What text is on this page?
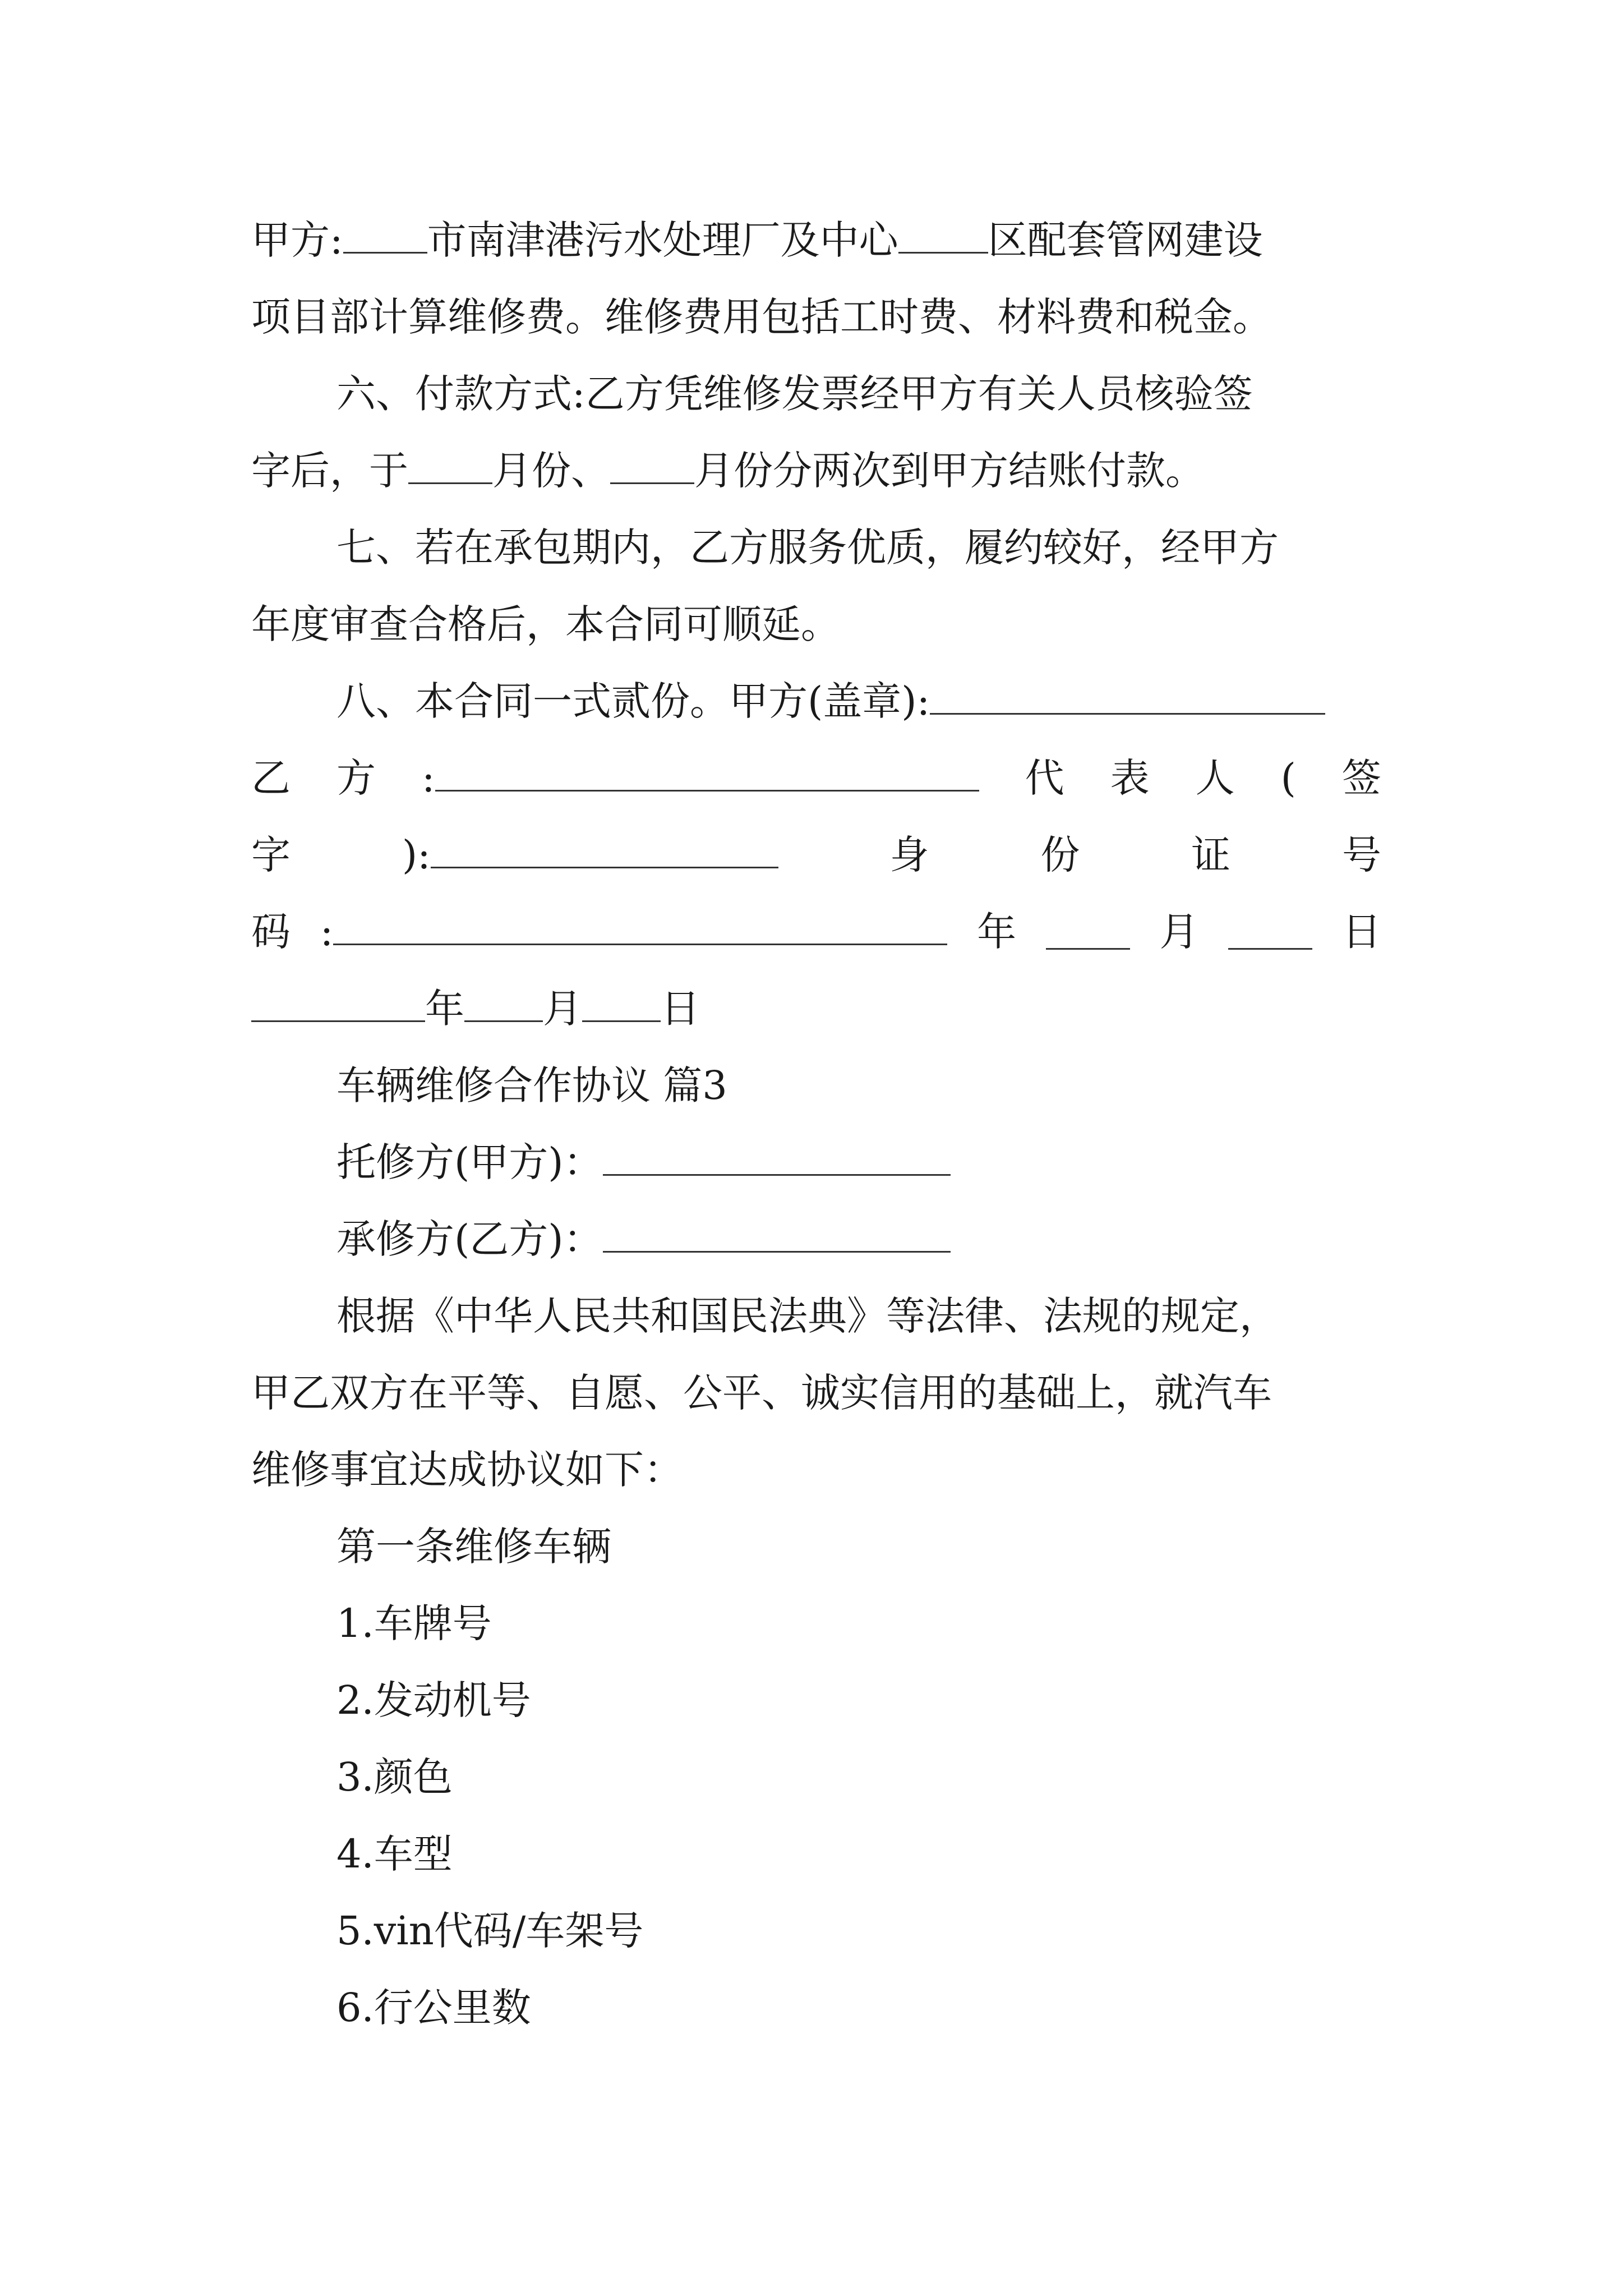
甲方: 市南津港污水处理厂及中心 区配套管网建设
项目部计算维修费。维修费用包括工时费、材料费和税金。
六、付款方式:乙方凭维修发票经甲方有关人员核验签
字后，于 月份、 月份分两次到甲方结账付款。
七、若在承包期内，乙方服务优质，履约较好，经甲方
年度审查合格后，本合同可顺延。
八、本合同一式贰份。甲方(盖章):
乙 方 :	代 表 人 ( 签
字	):	身	份	证	号
码 :	年	月	日
年 月 日
车辆维修合作协议 篇3
托修方(甲方)：
承修方(乙方)：
根据《中华人民共和国民法典》等法律、法规的规定，
甲乙双方在平等、自愿、公平、诚实信用的基础上，就汽车
维修事宜达成协议如下：
第一条维修车辆
1.车牌号
2.发动机号
3.颜色
4.车型
5.vin代码/车架号
6.行公里数
